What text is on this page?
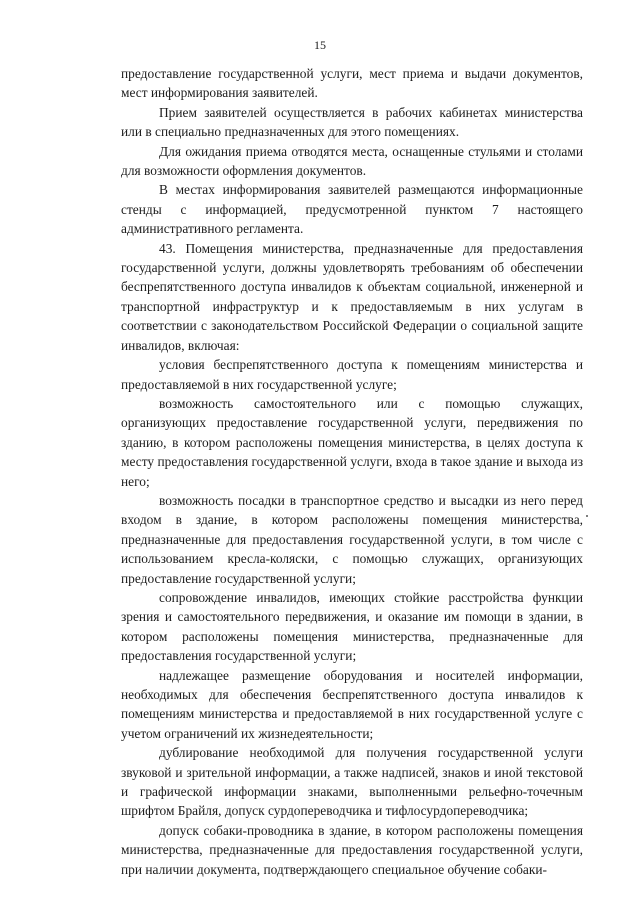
15

предоставление государственной услуги, мест приема и выдачи документов, мест информирования заявителей.

Прием заявителей осуществляется в рабочих кабинетах министерства или в специально предназначенных для этого помещениях.

Для ожидания приема отводятся места, оснащенные стульями и столами для возможности оформления документов.

В местах информирования заявителей размещаются информационные стенды с информацией, предусмотренной пунктом 7 настоящего административного регламента.

43. Помещения министерства, предназначенные для предоставления государственной услуги, должны удовлетворять требованиям об обеспечении беспрепятственного доступа инвалидов к объектам социальной, инженерной и транспортной инфраструктур и к предоставляемым в них услугам в соответствии с законодательством Российской Федерации о социальной защите инвалидов, включая:

условия беспрепятственного доступа к помещениям министерства и предоставляемой в них государственной услуге;

возможность самостоятельного или с помощью служащих, организующих предоставление государственной услуги, передвижения по зданию, в котором расположены помещения министерства, в целях доступа к месту предоставления государственной услуги, входа в такое здание и выхода из него;

возможность посадки в транспортное средство и высадки из него перед входом в здание, в котором расположены помещения министерства, предназначенные для предоставления государственной услуги, в том числе с использованием кресла-коляски, с помощью служащих, организующих предоставление государственной услуги;

сопровождение инвалидов, имеющих стойкие расстройства функции зрения и самостоятельного передвижения, и оказание им помощи в здании, в котором расположены помещения министерства, предназначенные для предоставления государственной услуги;

надлежащее размещение оборудования и носителей информации, необходимых для обеспечения беспрепятственного доступа инвалидов к помещениям министерства и предоставляемой в них государственной услуге с учетом ограничений их жизнедеятельности;

дублирование необходимой для получения государственной услуги звуковой и зрительной информации, а также надписей, знаков и иной текстовой и графической информации знаками, выполненными рельефно-точечным шрифтом Брайля, допуск сурдопереводчика и тифлосурдопереводчика;

допуск собаки-проводника в здание, в котором расположены помещения министерства, предназначенные для предоставления государственной услуги, при наличии документа, подтверждающего специальное обучение собаки-
